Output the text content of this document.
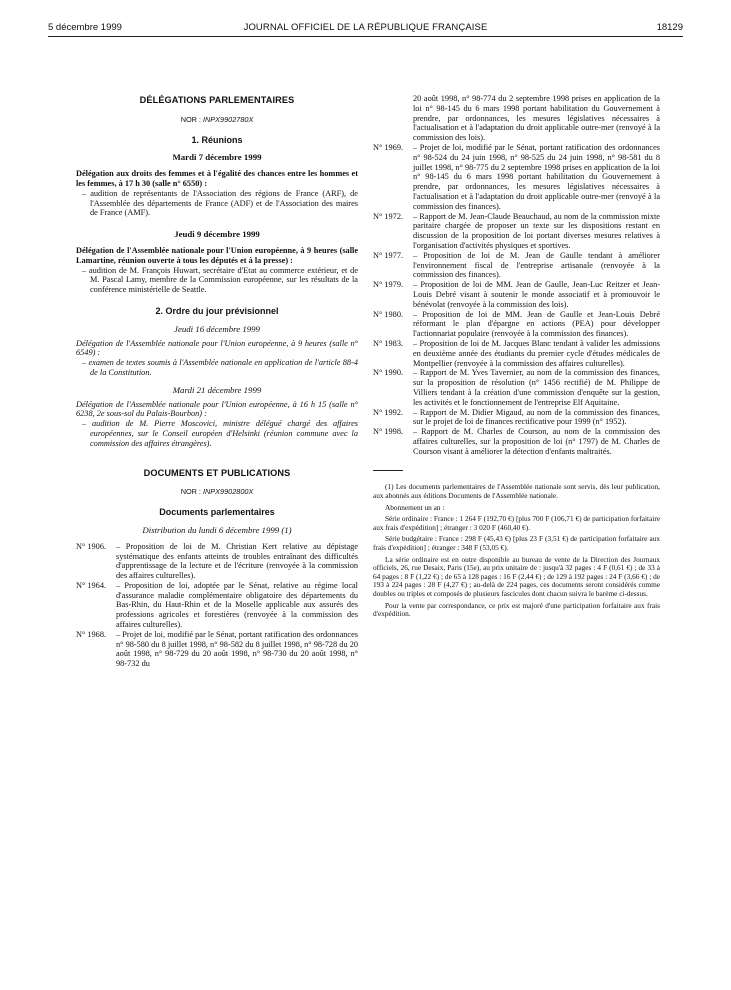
5 décembre 1999	JOURNAL OFFICIEL DE LA RÉPUBLIQUE FRANÇAISE	18129
DÉLÉGATIONS PARLEMENTAIRES
NOR : INPX9902780X
1. Réunions
Mardi 7 décembre 1999

Délégation aux droits des femmes et à l'égalité des chances entre les hommes et les femmes, à 17 h 30 (salle n° 6550) :

– audition de représentants de l'Association des régions de France (ARF), de l'Assemblée des départements de France (ADF) et de l'Association des maires de France (AMF).

Jeudi 9 décembre 1999

Délégation de l'Assemblée nationale pour l'Union européenne, à 9 heures (salle Lamartine, réunion ouverte à tous les députés et à la presse) :

– audition de M. François Huwart, secrétaire d'Etat au commerce extérieur, et de M. Pascal Lamy, membre de la Commission européenne, sur les résultats de la conférence ministérielle de Seattle.

2. Ordre du jour prévisionnel
Jeudi 16 décembre 1999

Délégation de l'Assemblée nationale pour l'Union européenne, à 9 heures (salle n° 6549) :

– examen de textes soumis à l'Assemblée nationale en application de l'article 88-4 de la Constitution.

Mardi 21 décembre 1999

Délégation de l'Assemblée nationale pour l'Union européenne, à 16 h 15 (salle n° 6238, 2e sous-sol du Palais-Bourbon) :

– audition de M. Pierre Moscovici, ministre délégué chargé des affaires européennes, sur le Conseil européen d'Helsinki (réunion commune avec la commission des affaires étrangères).

DOCUMENTS ET PUBLICATIONS
NOR : INPX9902800X
Documents parlementaires
Distribution du lundi 6 décembre 1999 (1)
N° 1906.	– Proposition de loi de M. Christian Kert relative au dépistage systématique des enfants atteints de troubles entraînant des difficultés d'apprentissage de la lecture et de l'écriture (renvoyée à la commission des affaires culturelles).
N° 1964.	– Proposition de loi, adoptée par le Sénat, relative au régime local d'assurance maladie complémentaire obligatoire des départements du Bas-Rhin, du Haut-Rhin et de la Moselle applicable aux assurés des professions agricoles et forestières (renvoyée à la commission des affaires culturelles).
N° 1968.	– Projet de loi, modifié par le Sénat, portant ratification des ordonnances n° 98-580 du 8 juillet 1998, n° 98-582 du 8 juillet 1998, n° 98-728 du 20 août 1998, n° 98-729 du 20 août 1998, n° 98-730 du 20 août 1998, n° 98-732 du

20 août 1998, n° 98-774 du 2 septembre 1998 prises en application de la loi n° 98-145 du 6 mars 1998 portant habilitation du Gouvernement à prendre, par ordonnances, les mesures législatives nécessaires à l'actualisation et à l'adaptation du droit applicable outre-mer (renvoyé à la commission des lois).

N° 1969.	– Projet de loi, modifié par le Sénat, portant ratification des ordonnances n° 98-524 du 24 juin 1998, n° 98-525 du 24 juin 1998, n° 98-581 du 8 juillet 1998, n° 98-775 du 2 septembre 1998 prises en application de la loi n° 98-145 du 6 mars 1998 portant habilitation du Gouvernement à prendre, par ordonnances, les mesures législatives nécessaires à l'actualisation et à l'adaptation du droit applicable outre-mer (renvoyé à la commission des finances).
N° 1972.	– Rapport de M. Jean-Claude Beauchaud, au nom de la commission mixte paritaire chargée de proposer un texte sur les dispositions restant en discussion de la proposition de loi portant diverses mesures relatives à l'organisation d'activités physiques et sportives.
N° 1977.	– Proposition de loi de M. Jean de Gaulle tendant à améliorer l'environnement fiscal de l'entreprise artisanale (renvoyée à la commission des finances).
N° 1979.	– Proposition de loi de MM. Jean de Gaulle, Jean-Luc Reitzer et Jean-Louis Debré visant à soutenir le monde associatif et à promouvoir le bénévolat (renvoyée à la commission des lois).
N° 1980.	– Proposition de loi de MM. Jean de Gaulle et Jean-Louis Debré réformant le plan d'épargne en actions (PEA) pour développer l'actionnariat populaire (renvoyée à la commission des finances).
N° 1983.	– Proposition de loi de M. Jacques Blanc tendant à valider les admissions en deuxième année des étudiants du premier cycle d'études médicales de Montpellier (renvoyée à la commission des affaires culturelles).
N° 1990.	– Rapport de M. Yves Tavernier, au nom de la commission des finances, sur la proposition de résolution (n° 1456 rectifié) de M. Philippe de Villiers tendant à la création d'une commission d'enquête sur la gestion, les activités et le fonctionnement de l'entreprise Elf Aquitaine.
N° 1992.	– Rapport de M. Didier Migaud, au nom de la commission des finances, sur le projet de loi de finances rectificative pour 1999 (n° 1952).
N° 1998.	– Rapport de M. Charles de Courson, au nom de la commission des affaires culturelles, sur la proposition de loi (n° 1797) de M. Charles de Courson visant à améliorer la détection d'enfants maltraités.

(1) Les documents parlementaires de l'Assemblée nationale sont servis, dès leur publication, aux abonnés aux éditions Documents de l'Assemblée nationale.

Abonnement un an :

Série ordinaire : France : 1 264 F (192,70 €) [plus 700 F (106,71 €) de participation forfaitaire aux frais d'expédition] ; étranger : 3 020 F (460,40 €).

Série budgétaire : France : 298 F (45,43 €) [plus 23 F (3,51 €) de participation forfaitaire aux frais d'expédition] ; étranger : 348 F (53,05 €).

La série ordinaire est en outre disponible au bureau de vente de la Direction des Journaux officiels, 26, rue Desaix, Paris (15e), au prix unitaire de : jusqu'à 32 pages : 4 F (0,61 €) ; de 33 à 64 pages : 8 F (1,22 €) ; de 65 à 128 pages : 16 F (2,44 €) ; de 129 à 192 pages : 24 F (3,66 €) ; de 193 à 224 pages : 28 F (4,27 €) ; au-delà de 224 pages, ces documents seront considérés comme doubles ou triples et composés de plusieurs fascicules dont chacun suivra le barème ci-dessus.

Pour la vente par correspondance, ce prix est majoré d'une participation forfaitaire aux frais d'expédition.
